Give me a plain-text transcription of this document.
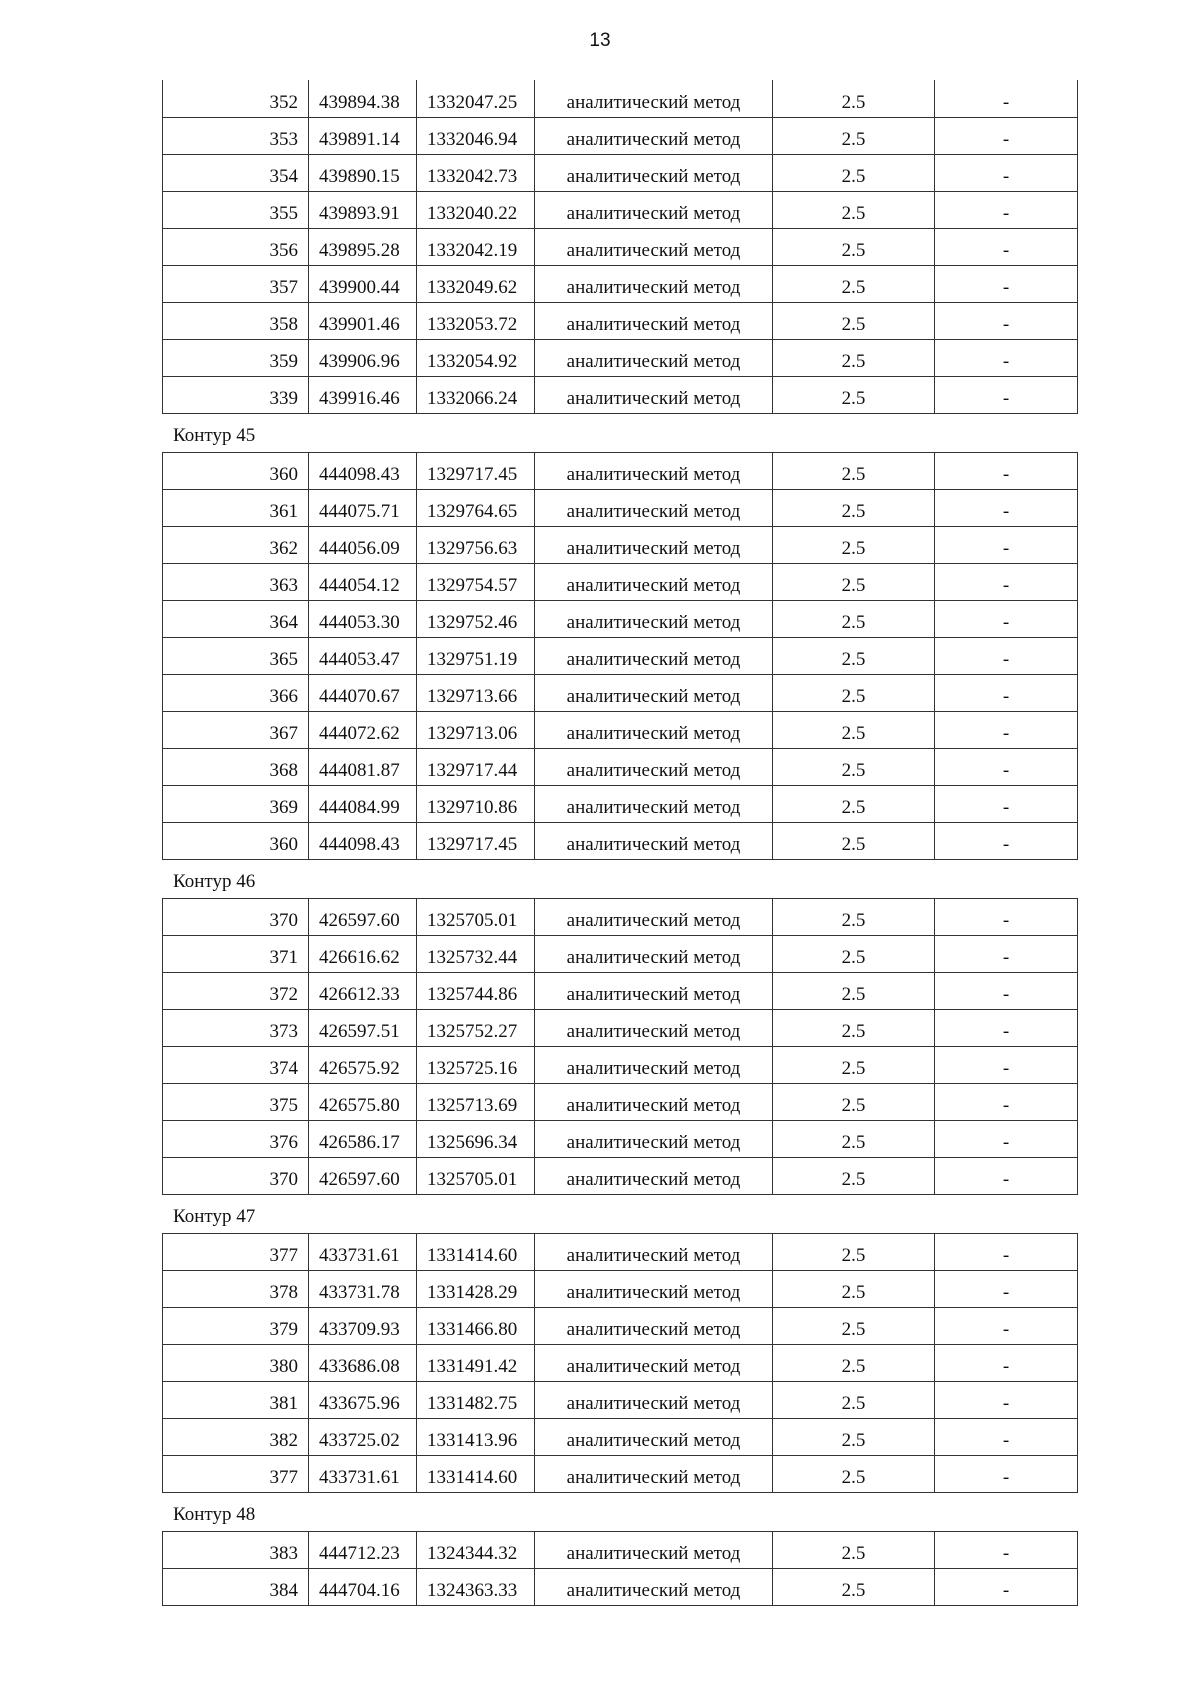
13
352	439894.38	1332047.25	аналитический метод	2.5	-
353	439891.14	1332046.94	аналитический метод	2.5	-
354	439890.15	1332042.73	аналитический метод	2.5	-
355	439893.91	1332040.22	аналитический метод	2.5	-
356	439895.28	1332042.19	аналитический метод	2.5	-
357	439900.44	1332049.62	аналитический метод	2.5	-
358	439901.46	1332053.72	аналитический метод	2.5	-
359	439906.96	1332054.92	аналитический метод	2.5	-
339	439916.46	1332066.24	аналитический метод	2.5	-
Контур 45
360	444098.43	1329717.45	аналитический метод	2.5	-
361	444075.71	1329764.65	аналитический метод	2.5	-
362	444056.09	1329756.63	аналитический метод	2.5	-
363	444054.12	1329754.57	аналитический метод	2.5	-
364	444053.30	1329752.46	аналитический метод	2.5	-
365	444053.47	1329751.19	аналитический метод	2.5	-
366	444070.67	1329713.66	аналитический метод	2.5	-
367	444072.62	1329713.06	аналитический метод	2.5	-
368	444081.87	1329717.44	аналитический метод	2.5	-
369	444084.99	1329710.86	аналитический метод	2.5	-
360	444098.43	1329717.45	аналитический метод	2.5	-
Контур 46
370	426597.60	1325705.01	аналитический метод	2.5	-
371	426616.62	1325732.44	аналитический метод	2.5	-
372	426612.33	1325744.86	аналитический метод	2.5	-
373	426597.51	1325752.27	аналитический метод	2.5	-
374	426575.92	1325725.16	аналитический метод	2.5	-
375	426575.80	1325713.69	аналитический метод	2.5	-
376	426586.17	1325696.34	аналитический метод	2.5	-
370	426597.60	1325705.01	аналитический метод	2.5	-
Контур 47
377	433731.61	1331414.60	аналитический метод	2.5	-
378	433731.78	1331428.29	аналитический метод	2.5	-
379	433709.93	1331466.80	аналитический метод	2.5	-
380	433686.08	1331491.42	аналитический метод	2.5	-
381	433675.96	1331482.75	аналитический метод	2.5	-
382	433725.02	1331413.96	аналитический метод	2.5	-
377	433731.61	1331414.60	аналитический метод	2.5	-
Контур 48
383	444712.23	1324344.32	аналитический метод	2.5	-
384	444704.16	1324363.33	аналитический метод	2.5	-
